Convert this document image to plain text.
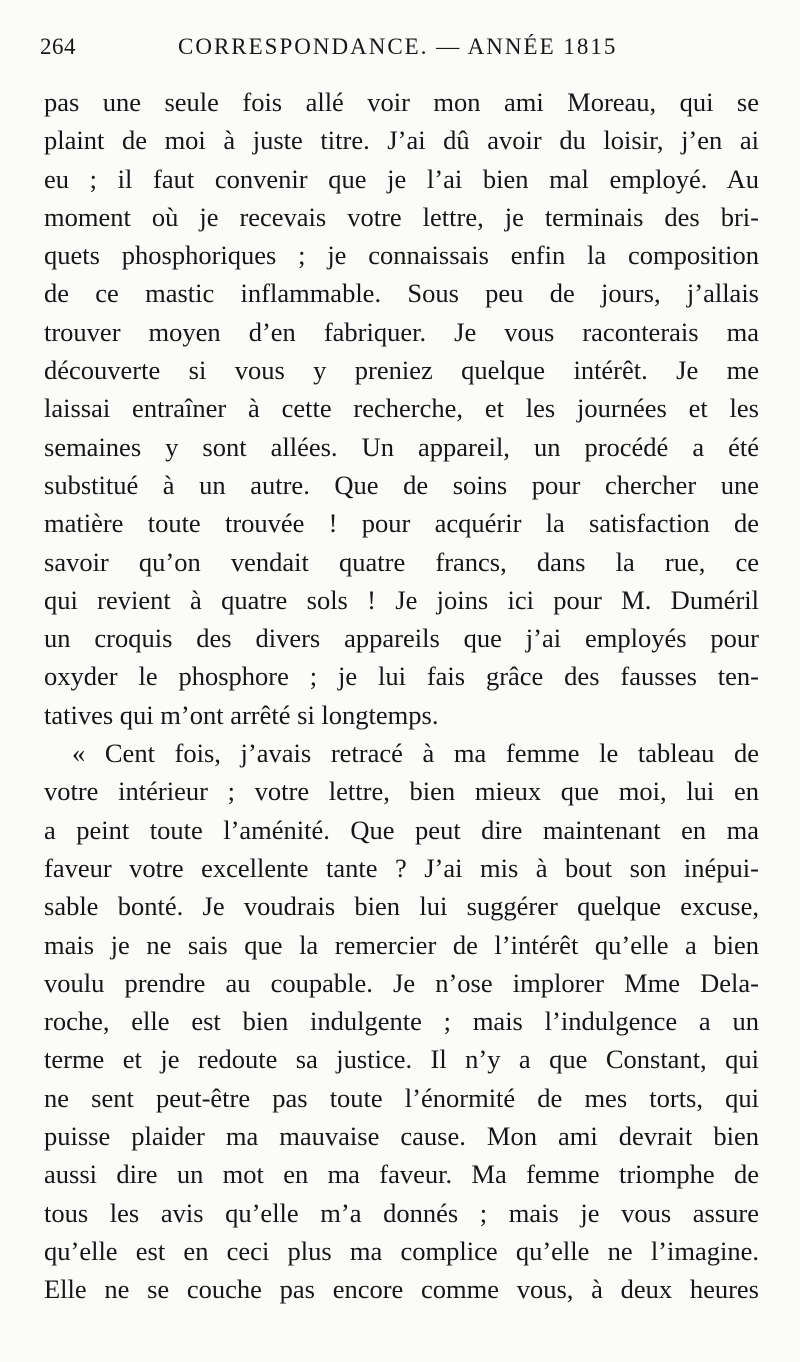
264	CORRESPONDANCE. — ANNÉE 1815
pas une seule fois allé voir mon ami Moreau, qui se
plaint de moi à juste titre. J’ai dû avoir du loisir, j’en ai
eu ; il faut convenir que je l’ai bien mal employé. Au
moment où je recevais votre lettre, je terminais des bri-
quets phosphoriques ; je connaissais enfin la composition
de ce mastic inflammable. Sous peu de jours, j’allais
trouver moyen d’en fabriquer. Je vous raconterais ma
découverte si vous y preniez quelque intérêt. Je me
laissai entraîner à cette recherche, et les journées et les
semaines y sont allées. Un appareil, un procédé a été
substitué à un autre. Que de soins pour chercher une
matière toute trouvée ! pour acquérir la satisfaction de
savoir qu’on vendait quatre francs, dans la rue, ce
qui revient à quatre sols ! Je joins ici pour M. Duméril
un croquis des divers appareils que j’ai employés pour
oxyder le phosphore ; je lui fais grâce des fausses ten-
tatives qui m’ont arrêté si longtemps.
« Cent fois, j’avais retracé à ma femme le tableau de
votre intérieur ; votre lettre, bien mieux que moi, lui en
a peint toute l’aménité. Que peut dire maintenant en ma
faveur votre excellente tante ? J’ai mis à bout son inépui-
sable bonté. Je voudrais bien lui suggérer quelque excuse,
mais je ne sais que la remercier de l’intérêt qu’elle a bien
voulu prendre au coupable. Je n’ose implorer Mme Dela-
roche, elle est bien indulgente ; mais l’indulgence a un
terme et je redoute sa justice. Il n’y a que Constant, qui
ne sent peut-être pas toute l’énormité de mes torts, qui
puisse plaider ma mauvaise cause. Mon ami devrait bien
aussi dire un mot en ma faveur. Ma femme triomphe de
tous les avis qu’elle m’a donnés ; mais je vous assure
qu’elle est en ceci plus ma complice qu’elle ne l’imagine.
Elle ne se couche pas encore comme vous, à deux heures
